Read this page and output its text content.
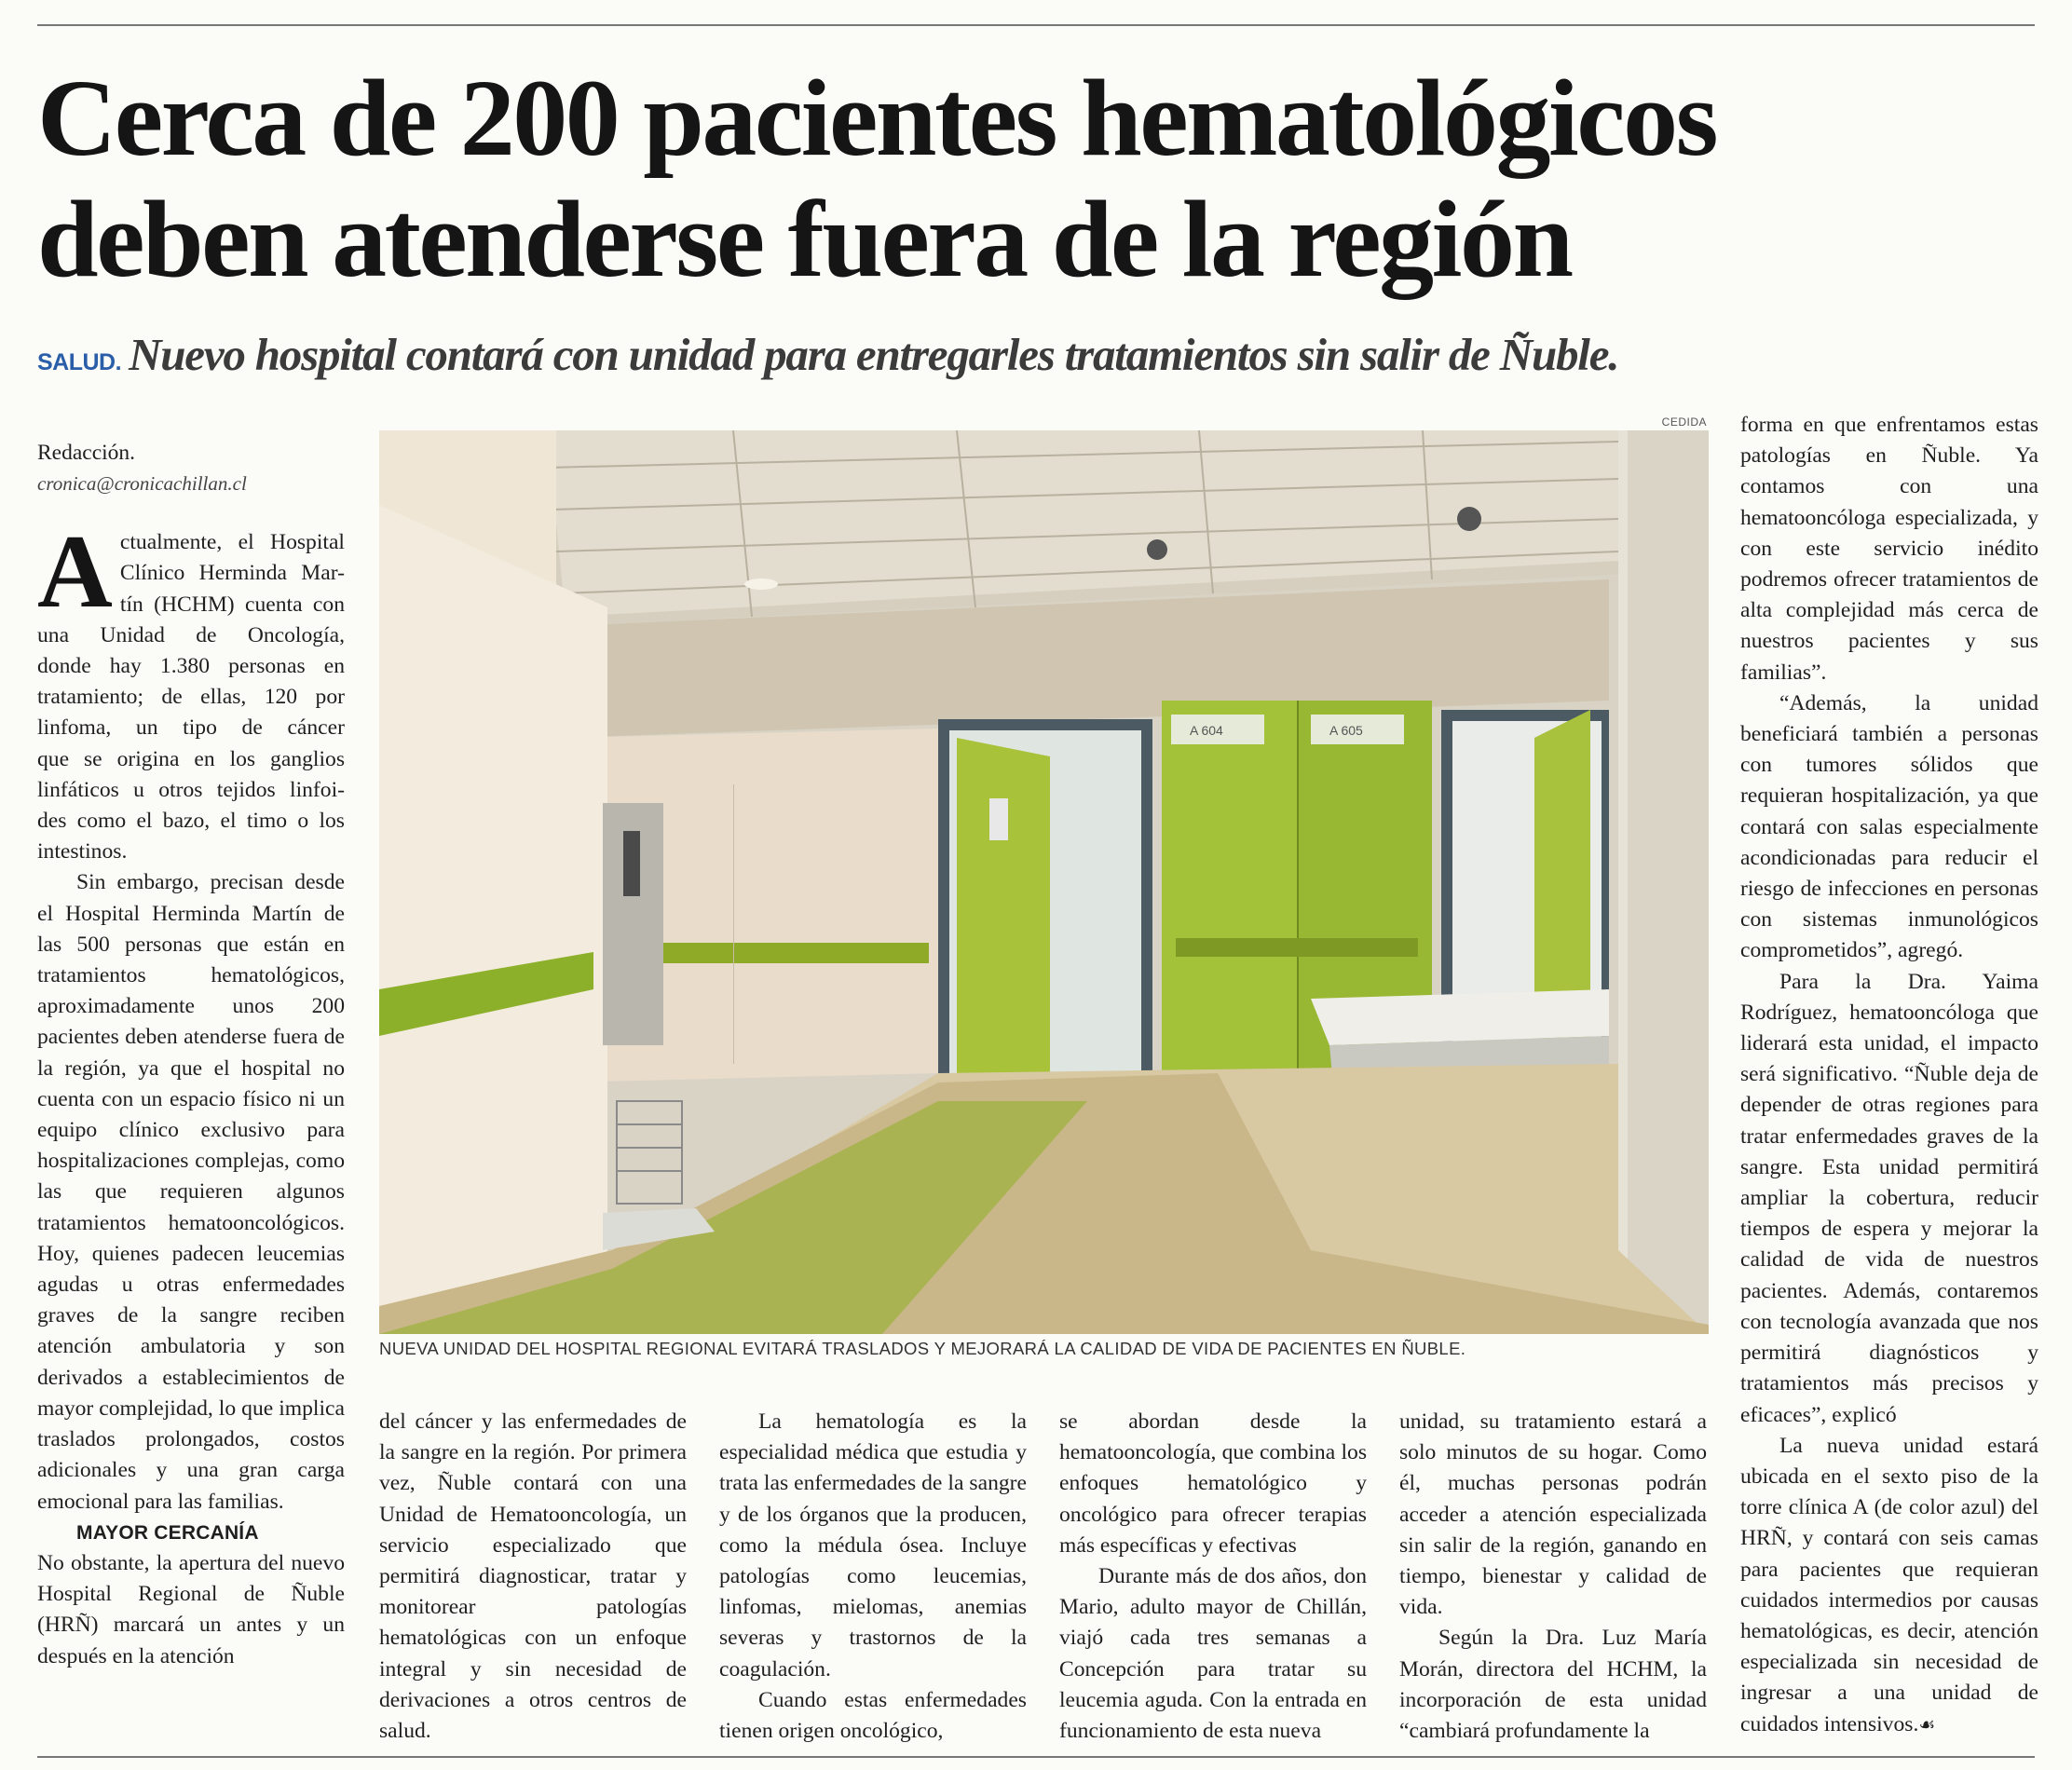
Cerca de 200 pacientes hematológicos
deben atenderse fuera de la región
SALUD. Nuevo hospital contará con unidad para entregarles tratamientos sin salir de Ñuble.
Redacción.
cronica@cronicachillan.cl
A ctualmente, el Hospital
Clínico Herminda Mar-
tín (HCHM) cuenta con
una Unidad de Oncología,
donde hay 1.380 personas en
tratamiento; de ellas, 120 por
linfoma, un tipo de cáncer
que se origina en los ganglios
linfáticos u otros tejidos linfoi-
des como el bazo, el timo o los
intestinos.

Sin embargo, precisan desde el Hospital Herminda Martín de las 500 personas que están en tratamientos hematológicos, aproximadamente unos 200 pacientes deben atenderse fuera de la región, ya que el hospital no cuenta con un espacio físico ni un equipo clínico exclusivo para hospitalizaciones complejas, como las que requieren algunos tratamientos hematooncológicos. Hoy, quienes padecen leucemias agudas u otras enfermedades graves de la sangre reciben atención ambulatoria y son derivados a establecimientos de mayor complejidad, lo que implica traslados prolongados, costos adicionales y una gran carga emocional para las familias.

MAYOR CERCANÍA

No obstante, la apertura del nuevo Hospital Regional de Ñuble (HRÑ) marcará un antes y un después en la atención

CEDIDA
A 604	A 605
NUEVA UNIDAD DEL HOSPITAL REGIONAL EVITARÁ TRASLADOS Y MEJORARÁ LA CALIDAD DE VIDA DE PACIENTES EN ÑUBLE.

del cáncer y las enfermedades de la sangre en la región. Por primera vez, Ñuble contará con una Unidad de Hematooncología, un servicio especializado que permitirá diagnosticar, tratar y monitorear patologías hematológicas con un enfoque integral y sin necesidad de derivaciones a otros centros de salud.

La hematología es la especialidad médica que estudia y trata las enfermedades de la sangre y de los órganos que la producen, como la médula ósea. Incluye patologías como leucemias, linfomas, mielomas, anemias severas y trastornos de la coagulación.

Cuando estas enfermedades tienen origen oncológico,

se abordan desde la hematooncología, que combina los enfoques hematológico y oncológico para ofrecer terapias más específicas y efectivas

Durante más de dos años, don Mario, adulto mayor de Chillán, viajó cada tres semanas a Concepción para tratar su leucemia aguda. Con la entrada en funcionamiento de esta nueva

unidad, su tratamiento estará a solo minutos de su hogar. Como él, muchas personas podrán acceder a atención especializada sin salir de la región, ganando en tiempo, bienestar y calidad de vida.

Según la Dra. Luz María Morán, directora del HCHM, la incorporación de esta unidad “cambiará profundamente la

forma en que enfrentamos estas patologías en Ñuble. Ya contamos con una hematooncóloga especializada, y con este servicio inédito podremos ofrecer tratamientos de alta complejidad más cerca de nuestros pacientes y sus familias”.

“Además, la unidad beneficiará también a personas con tumores sólidos que requieran hospitalización, ya que contará con salas especialmente acondicionadas para reducir el riesgo de infecciones en personas con sistemas inmunológicos comprometidos”, agregó.

Para la Dra. Yaima Rodríguez, hematooncóloga que liderará esta unidad, el impacto será significativo. “Ñuble deja de depender de otras regiones para tratar enfermedades graves de la sangre. Esta unidad permitirá ampliar la cobertura, reducir tiempos de espera y mejorar la calidad de vida de nuestros pacientes. Además, contaremos con tecnología avanzada que nos permitirá diagnósticos y tratamientos más precisos y eficaces”, explicó

La nueva unidad estará ubicada en el sexto piso de la torre clínica A (de color azul) del HRÑ, y contará con seis camas para pacientes que requieran cuidados intermedios por causas hematológicas, es decir, atención especializada sin necesidad de ingresar a una unidad de cuidados intensivos.☙
